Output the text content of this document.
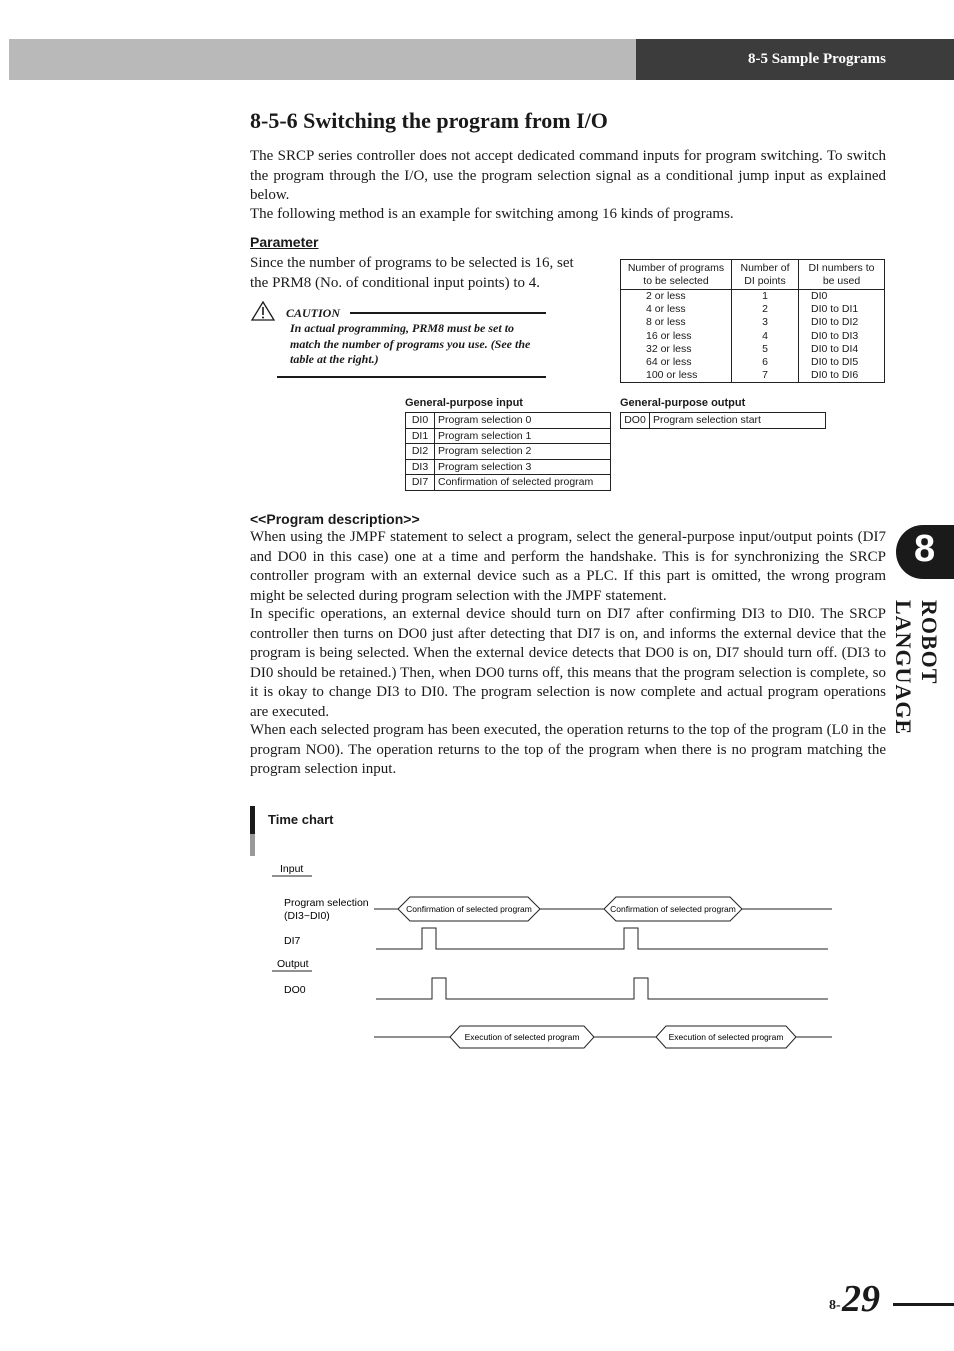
8-5 Sample Programs
8-5-6 Switching the program from I/O

The SRCP series controller does not accept dedicated command inputs for program switching. To switch the program through the I/O, use the program selection signal as a conditional jump input as explained below.

The following method is an example for switching among 16 kinds of programs.

Parameter

Since the number of programs to be selected is 16, set the PRM8 (No. of conditional input points) to 4.

CAUTION
In actual programming, PRM8 must be set to match the number of programs you use. (See the table at the right.)
Number of programs to be selected	Number of DI points	DI numbers to be used
2 or less	1	DI0
4 or less	2	DI0 to DI1
8 or less	3	DI0 to DI2
16 or less	4	DI0 to DI3
32 or less	5	DI0 to DI4
64 or less	6	DI0 to DI5
100 or less	7	DI0 to DI6
General-purpose input
DI0	Program selection 0
DI1	Program selection 1
DI2	Program selection 2
DI3	Program selection 3
DI7	Confirmation of selected program
General-purpose output
DO0	Program selection start

<<Program description>>

When using the JMPF statement to select a program, select the general-purpose input/output points (DI7 and DO0 in this case) one at a time and perform the handshake. This is for synchronizing the SRCP controller program with an external device such as a PLC. If this part is omitted, the wrong program might be selected during program selection with the JMPF statement.

In specific operations, an external device should turn on DI7 after confirming DI3 to DI0. The SRCP controller then turns on DO0 just after detecting that DI7 is on, and informs the external device that the program is being selected. When the external device detects that DO0 is on, DI7 should turn off. (DI3 to DI0 should be retained.) Then, when DO0 turns off, this means that the program selection is complete, so it is okay to change DI3 to DI0. The program selection is now complete and actual program operations are executed.

When each selected program has been executed, the operation returns to the top of the program (L0 in the program NO0). The operation returns to the top of the program when there is no program matching the program selection input.

Time chart
Input
Program selection
(DI3~DI0)
Confirmation of selected program	Confirmation of selected program
DI7
Output
DO0
Execution of selected program	Execution of selected program
8
ROBOT LANGUAGE
8- 29
